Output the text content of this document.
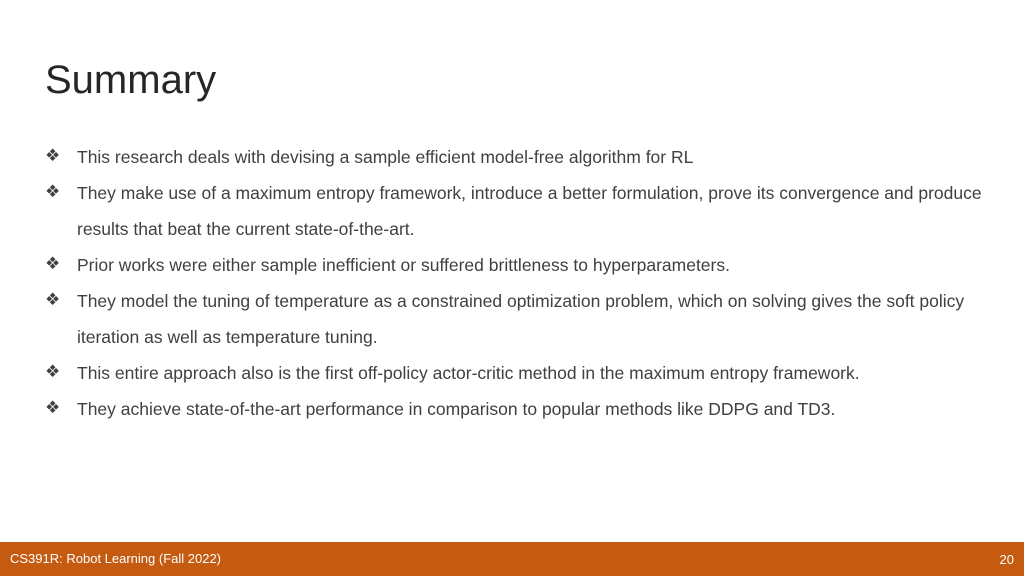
Summary
❖ This research deals with devising a sample efficient model-free algorithm for RL
❖ They make use of a maximum entropy framework, introduce a better formulation, prove its convergence and produce results that beat the current state-of-the-art.
❖ Prior works were either sample inefficient or suffered brittleness to hyperparameters.
❖ They model the tuning of temperature as a constrained optimization problem, which on solving gives the soft policy iteration as well as temperature tuning.
❖ This entire approach also is the first off-policy actor-critic method in the maximum entropy framework.
❖ They achieve state-of-the-art performance in comparison to popular methods like DDPG and TD3.
CS391R: Robot Learning (Fall 2022)	20
